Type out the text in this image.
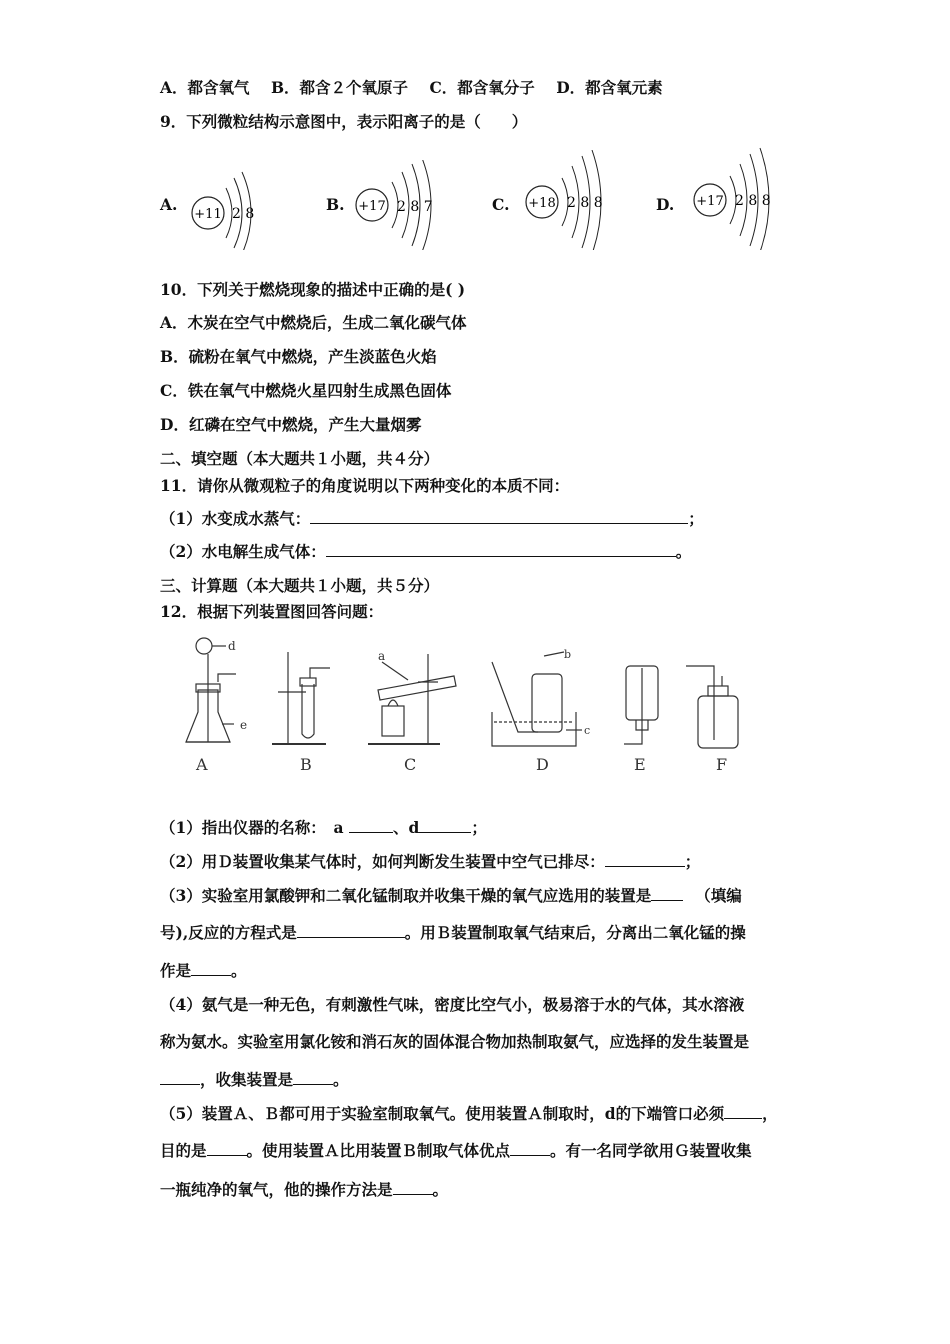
A．都含氧气 B．都含２个氧原子 C．都含氧分子 D．都含氧元素
9．下列微粒结构示意图中，表示阳离子的是（　　）
A.
+11 2 8	B. +17 2 8 7	C. +18 2 8 8	D. +17 2 8 8
10．下列关于燃烧现象的描述中正确的是( )
A．木炭在空气中燃烧后，生成二氧化碳气体
B．硫粉在氧气中燃烧，产生淡蓝色火焰
C．铁在氧气中燃烧火星四射生成黑色固体
D．红磷在空气中燃烧，产生大量烟雾
二、填空题（本大题共１小题，共４分）
11．请你从微观粒子的角度说明以下两种变化的本质不同：
（1）水变成水蒸气：	；
（2）水电解生成气体：	。
三、计算题（本大题共１小题，共５分）
12．根据下列装置图回答问题：
d
e
A	B
a
C
b
c
D	E	F
（1）指出仪器的名称：　a	、d	；
（2）用Ｄ装置收集某气体时，如何判断发生装置中空气已排尽：	；
（3）实验室用氯酸钾和二氧化锰制取并收集干燥的氧气应选用的装置是	（填编
号),反应的方程式是	。用Ｂ装置制取氧气结束后，分离出二氧化锰的操
作是	。
（4）氨气是一种无色，有刺激性气味，密度比空气小，极易溶于水的气体，其水溶液
称为氨水。实验室用氯化铵和消石灰的固体混合物加热制取氨气，应选择的发生装置是
，收集装置是	。
（5）装置Ａ、Ｂ都可用于实验室制取氧气。使用装置Ａ制取时，d的下端管口必须 ，
目的是	。使用装置Ａ比用装置Ｂ制取气体优点	。有一名同学欲用Ｇ装置收集
一瓶纯净的氧气，他的操作方法是	。
